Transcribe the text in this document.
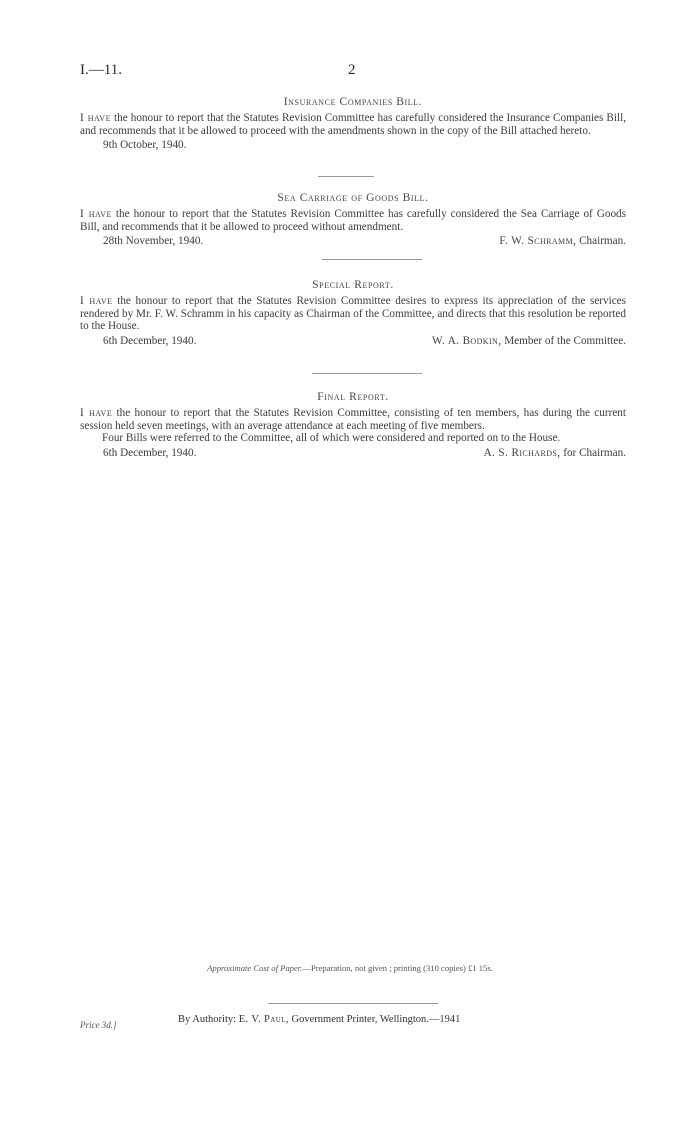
I.—11.	2
Insurance Companies Bill.

I have the honour to report that the Statutes Revision Committee has carefully considered the Insurance Companies Bill, and recommends that it be allowed to proceed with the amendments shown in the copy of the Bill attached hereto.

9th October, 1940.
Sea Carriage of Goods Bill.

I have the honour to report that the Statutes Revision Committee has carefully considered the Sea Carriage of Goods Bill, and recommends that it be allowed to proceed without amendment.

28th November, 1940.	F. W. Schramm, Chairman.
Special Report.

I have the honour to report that the Statutes Revision Committee desires to express its appreciation of the services rendered by Mr. F. W. Schramm in his capacity as Chairman of the Committee, and directs that this resolution be reported to the House.

6th December, 1940.	W. A. Bodkin, Member of the Committee.
Final Report.

I have the honour to report that the Statutes Revision Committee, consisting of ten members, has during the current session held seven meetings, with an average attendance at each meeting of five members.

Four Bills were referred to the Committee, all of which were considered and reported on to the House.

6th December, 1940.	A. S. Richards, for Chairman.
Approximate Cost of Paper.—Preparation, not given ; printing (310 copies) £1 15s.
By Authority: E. V. Paul, Government Printer, Wellington.—1941
Price 3d.]
